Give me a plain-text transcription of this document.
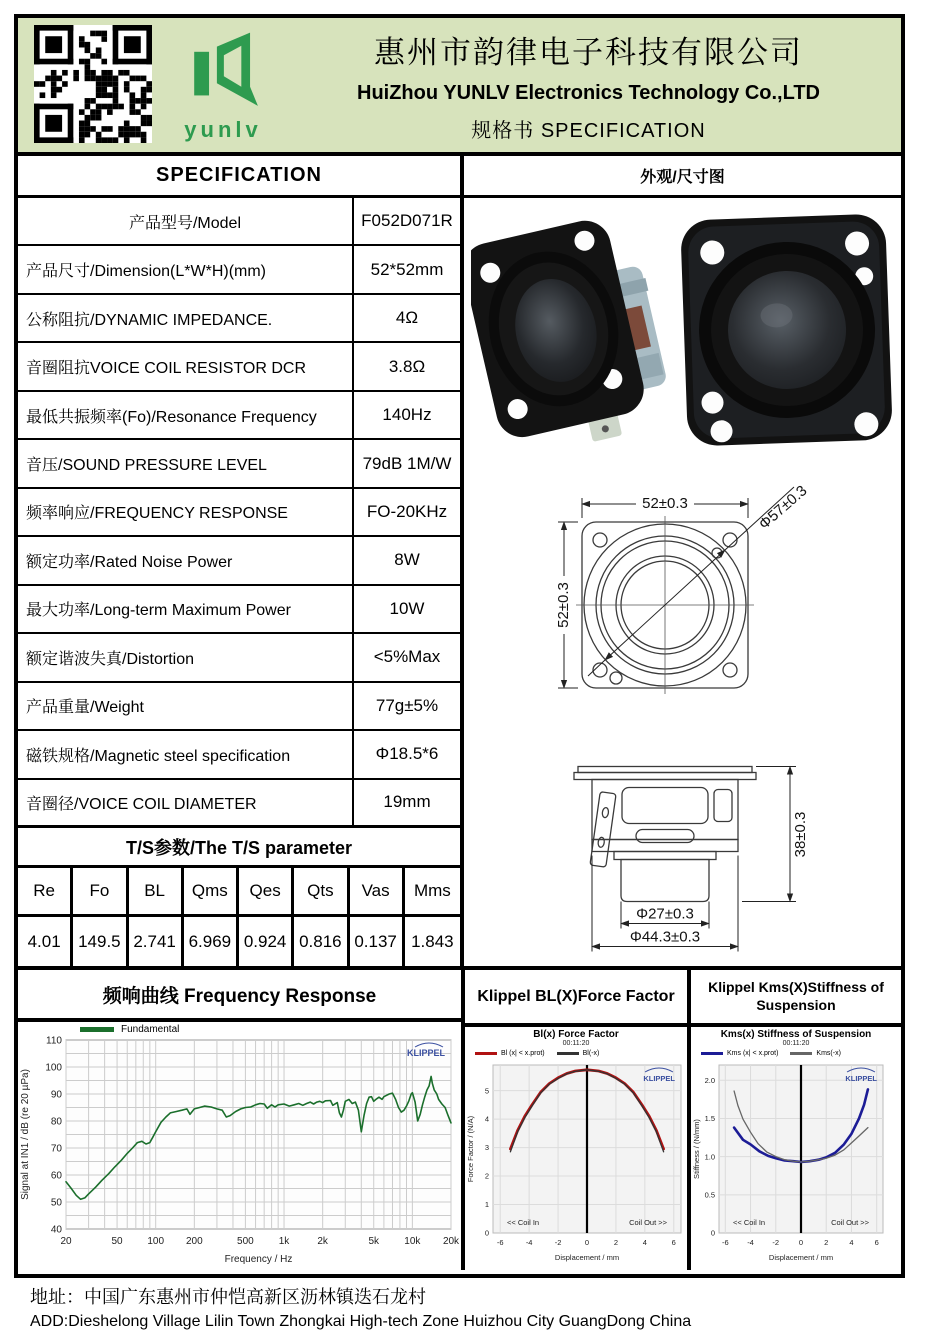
yunlv
惠州市韵律电子科技有限公司
HuiZhou YUNLV Electronics Technology Co.,LTD
规格书 SPECIFICATION
SPECIFICATION
产品型号/Model	F052D071R
产品尺寸/Dimension(L*W*H)(mm)	52*52mm
公称阻抗/DYNAMIC IMPEDANCE.	4Ω
音圈阻抗VOICE COIL RESISTOR DCR	3.8Ω
最低共振频率(Fo)/Resonance Frequency	140Hz
音压/SOUND PRESSURE LEVEL	79dB 1M/W
频率响应/FREQUENCY RESPONSE	FO-20KHz
额定功率/Rated Noise Power	8W
最大功率/Long-term Maximum Power	10W
额定谐波失真/Distortion	<5%Max
产品重量/Weight	77g±5%
磁铁规格/Magnetic steel specification	Φ18.5*6
音圈径/VOICE COIL DIAMETER	19mm
T/S参数/The T/S parameter
Re	Fo	BL	Qms	Qes	Qts	Vas	Mms
4.01	149.5 2.741 6.969 0.924 0.816 0.137 1.843
外观/尺寸图
52±0.3
52±0.3
Φ57±0.3
38±0.3
Φ27±0.3
Φ44.3±0.3
频响曲线 Frequency Response
Fundamental
20	50 100 200	500	1k	2k	5k	10k 20k
40
50
60
70
80
90
100
110
Frequency / Hz
Signal at IN1 / dB (re 20 µPa)
KLIPPEL
Klippel BL(X)Force Factor
Bl(x) Force Factor
00:11:20
Bl (x| < x.prot)	Bl(-x)
-6	-4	-2	0	2	4	6
0
1
2
3
4
5
Displacement / mm
Force Factor / (N/A)
<< Coil In	Coil Out >>
KLIPPEL
Klippel Kms(X)Stiffness of Suspension
Kms(x) Stiffness of Suspension
00:11:20
Kms (x| < x.prot)	Kms(-x)
-6 -4 -2	0	2	4	6
0
0.5
1.0
1.5
2.0
Displacement / mm
Stiffness / (N/mm)
<< Coil In	Coil Out >>
KLIPPEL
地址：中国广东惠州市仲恺高新区沥林镇迭石龙村
ADD:Dieshelong Village Lilin Town Zhongkai High-tech Zone Huizhou City GuangDong China
